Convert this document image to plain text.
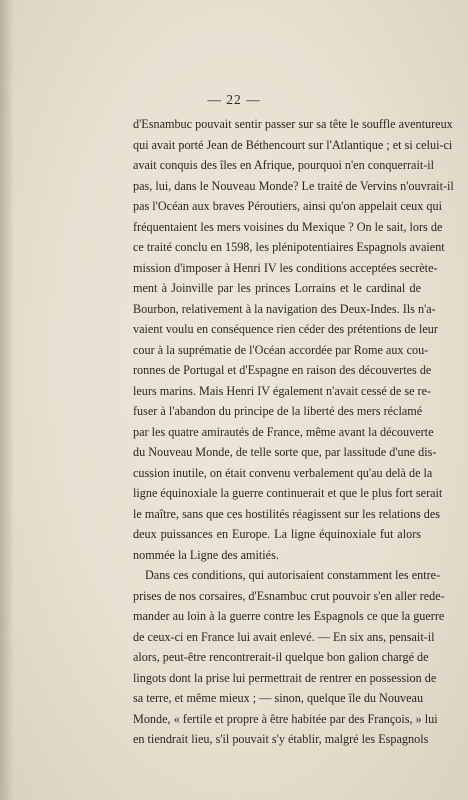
— 22 —

d'Esnambuc pouvait sentir passer sur sa tête le souffle aventureux
qui avait porté Jean de Béthencourt sur l'Atlantique ; et si celui-ci
avait conquis des îles en Afrique, pourquoi n'en conquerrait-il
pas, lui, dans le Nouveau Monde? Le traité de Vervins n'ouvrait-il
pas l'Océan aux braves Péroutiers, ainsi qu'on appelait ceux qui
fréquentaient les mers voisines du Mexique ? On le sait, lors de
ce traité conclu en 1598, les plénipotentiaires Espagnols avaient
mission d'imposer à Henri IV les conditions acceptées secrète-
ment à Joinville par les princes Lorrains et le cardinal de
Bourbon, relativement à la navigation des Deux-Indes. Ils n'a-
vaient voulu en conséquence rien céder des prétentions de leur
cour à la suprématie de l'Océan accordée par Rome aux cou-
ronnes de Portugal et d'Espagne en raison des découvertes de
leurs marins. Mais Henri IV également n'avait cessé de se re-
fuser à l'abandon du principe de la liberté des mers réclamé
par les quatre amirautés de France, même avant la découverte
du Nouveau Monde, de telle sorte que, par lassitude d'une dis-
cussion inutile, on était convenu verbalement qu'au delà de la
ligne équinoxiale la guerre continuerait et que le plus fort serait
le maître, sans que ces hostilités réagissent sur les relations des
deux puissances en Europe. La ligne équinoxiale fut alors
nommée la Ligne des amitiés.
Dans ces conditions, qui autorisaient constamment les entre-
prises de nos corsaires, d'Esnambuc crut pouvoir s'en aller rede-
mander au loin à la guerre contre les Espagnols ce que la guerre
de ceux-ci en France lui avait enlevé. — En six ans, pensait-il
alors, peut-être rencontrerait-il quelque bon galion chargé de
lingots dont la prise lui permettrait de rentrer en possession de
sa terre, et même mieux ; — sinon, quelque île du Nouveau
Monde, « fertile et propre à être habitée par des François, » lui
en tiendrait lieu, s'il pouvait s'y établir, malgré les Espagnols
